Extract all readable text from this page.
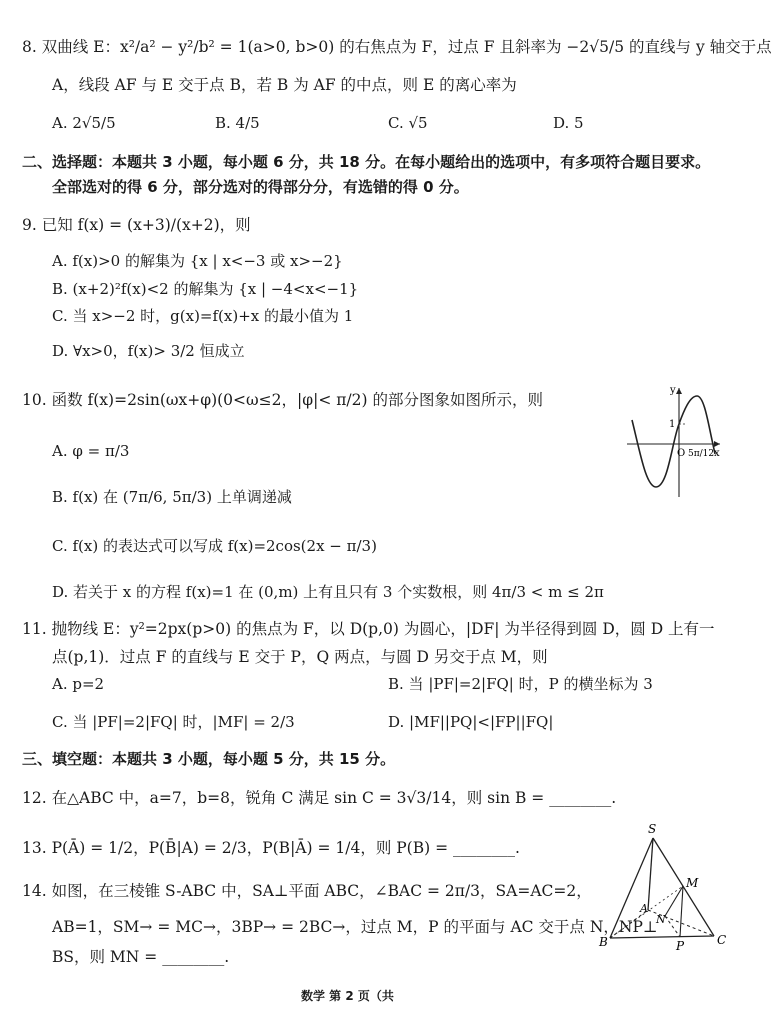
8. 双曲线 E：x²/a² − y²/b² = 1(a>0, b>0) 的右焦点为 F，过点 F 且斜率为 −2√5/5 的直线与 y 轴交于点
A，线段 AF 与 E 交于点 B，若 B 为 AF 的中点，则 E 的离心率为
A. 2√5/5	B. 4/5	C. √5	D. 5
二、选择题：本题共 3 小题，每小题 6 分，共 18 分。在每小题给出的选项中，有多项符合题目要求。
全部选对的得 6 分，部分选对的得部分分，有选错的得 0 分。
9. 已知 f(x) = (x+3)/(x+2)，则
A. f(x)>0 的解集为 {x | x<−3 或 x>−2}
B. (x+2)²f(x)<2 的解集为 {x | −4<x<−1}
C. 当 x>−2 时，g(x)=f(x)+x 的最小值为 1
D. ∀x>0，f(x)> 3/2 恒成立
10. 函数 f(x)=2sin(ωx+φ)(0<ω≤2，|φ|< π/2) 的部分图象如图所示，则
A. φ = π/3
B. f(x) 在 (7π/6, 5π/3) 上单调递减
C. f(x) 的表达式可以写成 f(x)=2cos(2x − π/3)
D. 若关于 x 的方程 f(x)=1 在 (0,m) 上有且只有 3 个实数根，则 4π/3 < m ≤ 2π
y
1
O 5π/12 x
11. 抛物线 E：y²=2px(p>0) 的焦点为 F，以 D(p,0) 为圆心，|DF| 为半径得到圆 D，圆 D 上有一
点(p,1)．过点 F 的直线与 E 交于 P，Q 两点，与圆 D 另交于点 M，则
A. p=2	B. 当 |PF|=2|FQ| 时，P 的横坐标为 3
C. 当 |PF|=2|FQ| 时，|MF| = 2/3	D. |MF||PQ|<|FP||FQ|
三、填空题：本题共 3 小题，每小题 5 分，共 15 分。
12. 在△ABC 中，a=7，b=8，锐角 C 满足 sin C = 3√3/14，则 sin B = ________.
13. P(Ā) = 1/2，P(B̄|A) = 2/3，P(B|Ā) = 1/4，则 P(B) = ________.
14. 如图，在三棱锥 S-ABC 中，SA⊥平面 ABC，∠BAC = 2π/3，SA=AC=2，
AB=1，SM→ = MC→，3BP→ = 2BC→，过点 M，P 的平面与 AC 交于点 N，NP⊥
BS，则 MN = ________.
S
M
A
N
B	P	C
数学 第 2 页（共
